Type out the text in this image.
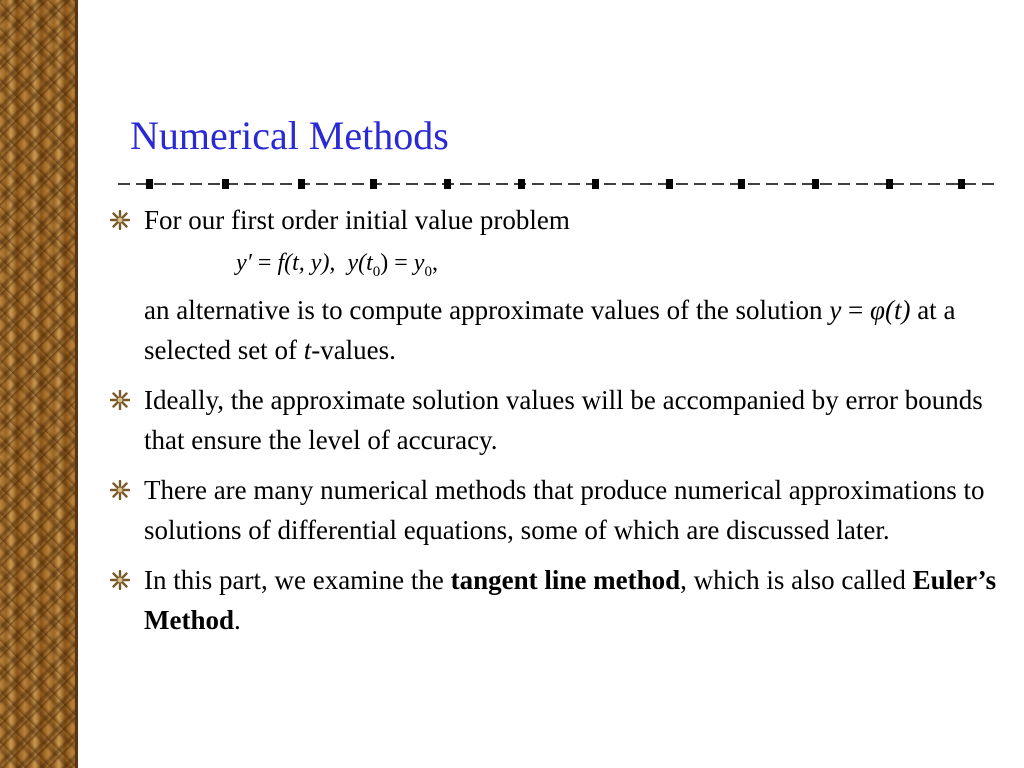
Numerical Methods
For our first order initial value problem
y′ = f(t, y), $y(t_0) = y_0$,

an alternative is to compute approximate values of the solution y = φ(t) at a selected set of t-values.

Ideally, the approximate solution values will be accompanied by error bounds that ensure the level of accuracy.
There are many numerical methods that produce numerical approximations to solutions of differential equations, some of which are discussed later.
In this part, we examine the tangent line method, which is also called Euler’s Method.
